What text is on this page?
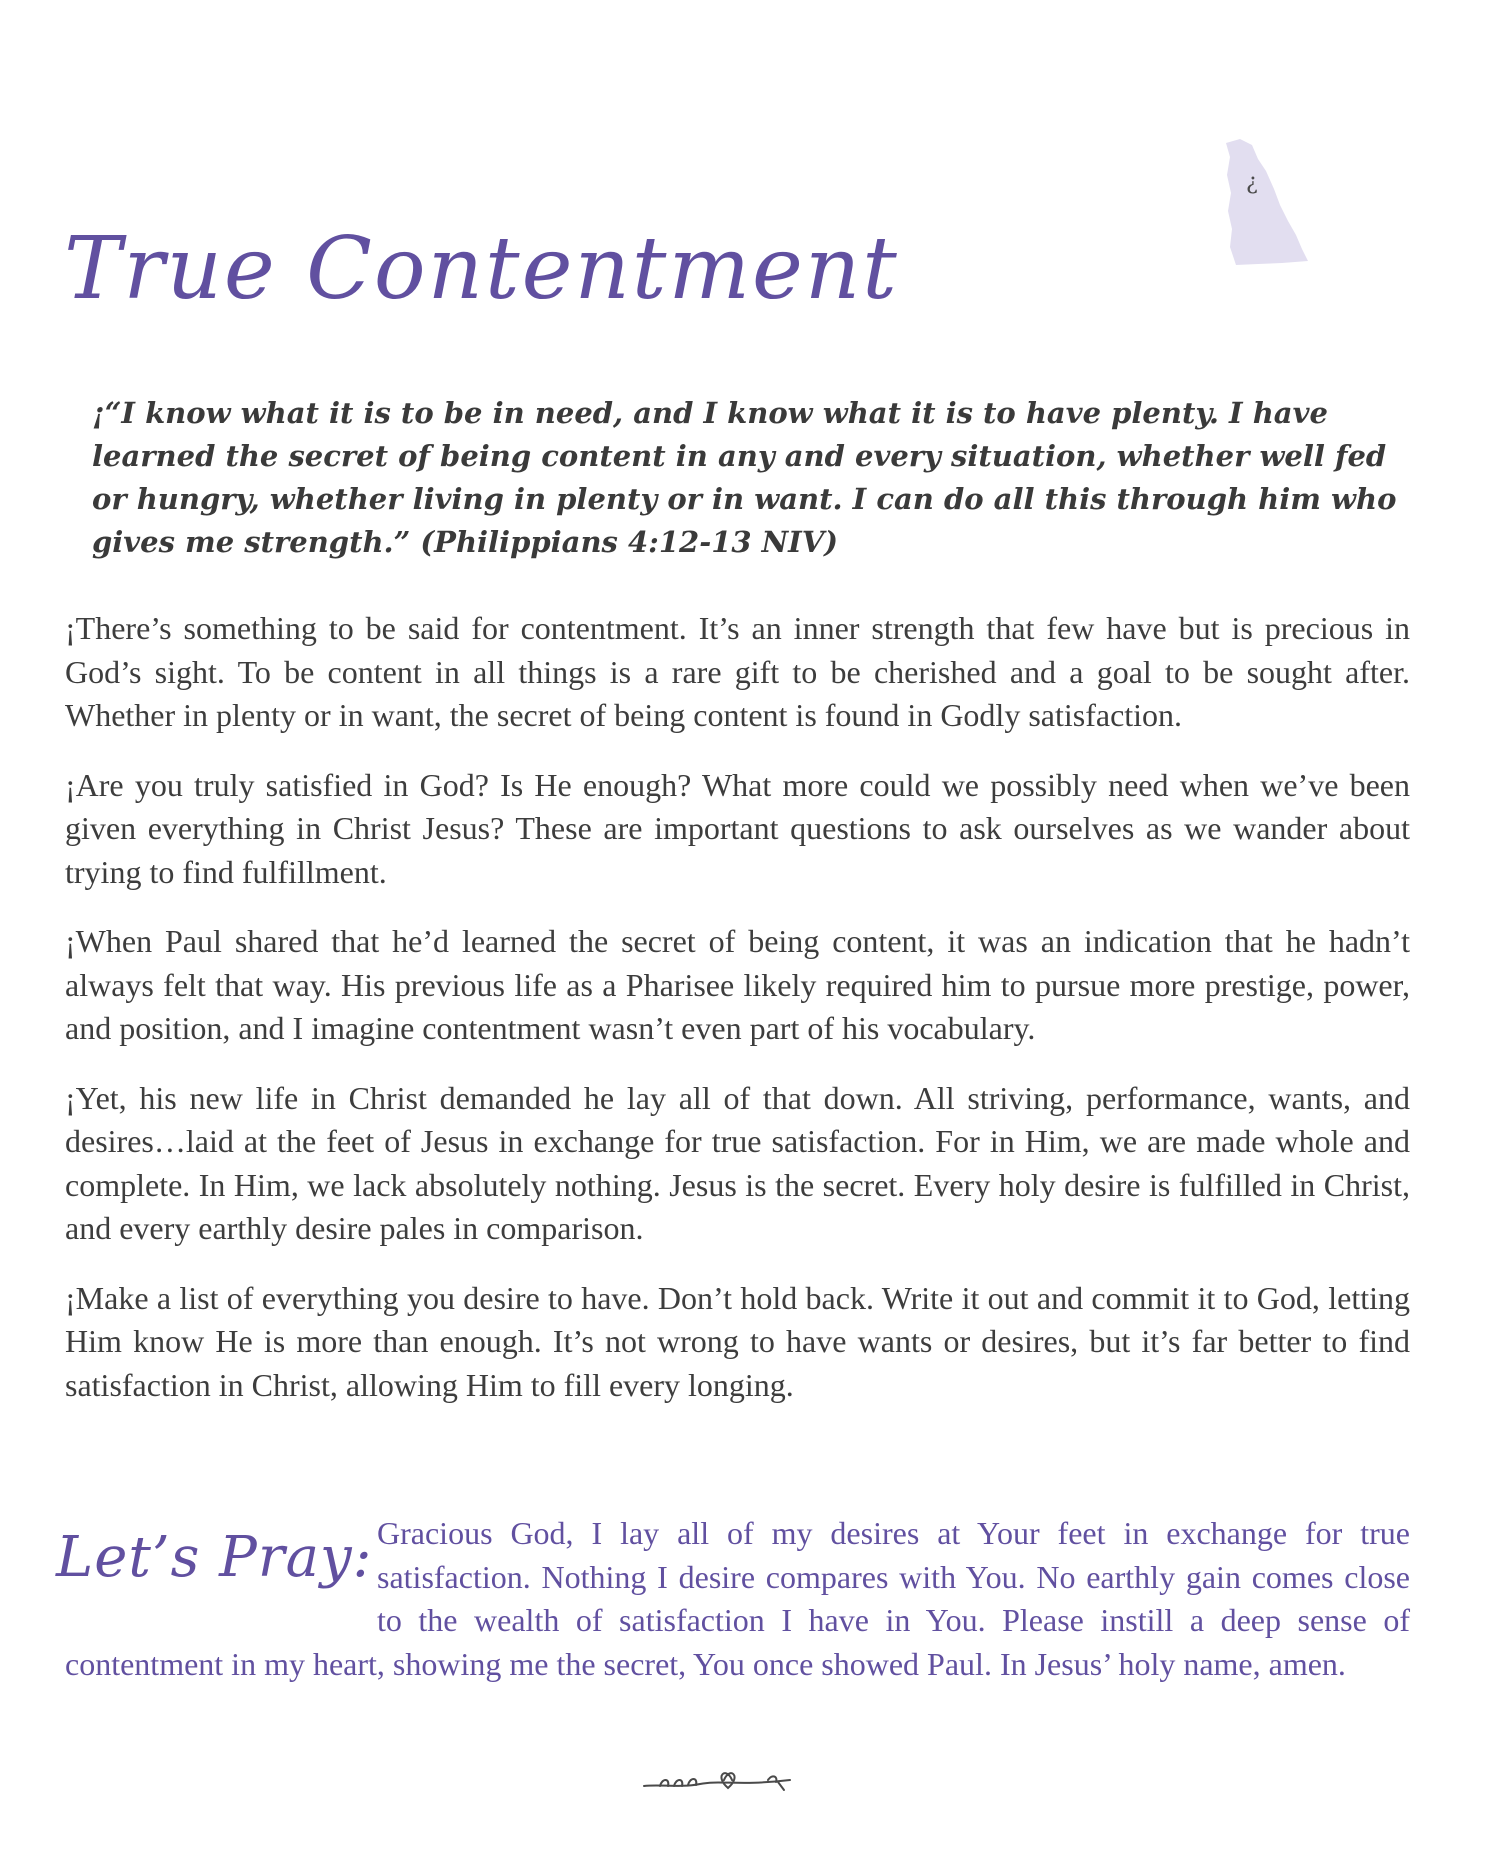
¿
True Contentment

¡“I know what it is to be in need, and I know what it is to have plenty. I have learned the secret of being content in any and every situation, whether well fed or hungry, whether living in plenty or in want. I can do all this through him who gives me strength.” (Philippians 4:12-13 NIV)

¡There’s something to be said for contentment. It’s an inner strength that few have but is precious in God’s sight. To be content in all things is a rare gift to be cherished and a goal to be sought after. Whether in plenty or in want, the secret of being content is found in Godly satisfaction.

¡Are you truly satisfied in God? Is He enough? What more could we possibly need when we’ve been given everything in Christ Jesus? These are important questions to ask ourselves as we wander about trying to find fulfillment.

¡When Paul shared that he’d learned the secret of being content, it was an indication that he hadn’t always felt that way. His previous life as a Pharisee likely required him to pursue more prestige, power, and position, and I imagine contentment wasn’t even part of his vocabulary.

¡Yet, his new life in Christ demanded he lay all of that down. All striving, performance, wants, and desires…laid at the feet of Jesus in exchange for true satisfaction. For in Him, we are made whole and complete. In Him, we lack absolutely nothing. Jesus is the secret. Every holy desire is fulfilled in Christ, and every earthly desire pales in comparison.

¡Make a list of everything you desire to have. Don’t hold back. Write it out and commit it to God, letting Him know He is more than enough. It’s not wrong to have wants or desires, but it’s far better to find satisfaction in Christ, allowing Him to fill every longing.

Let’s Pray: Gracious God, I lay all of my desires at Your feet in exchange for true satisfaction. Nothing I desire compares with You. No earthly gain comes close to the wealth of satisfaction I have in You. Please instill a deep sense of contentment in my heart, showing me the secret, You once showed Paul. In Jesus’ holy name, amen.
